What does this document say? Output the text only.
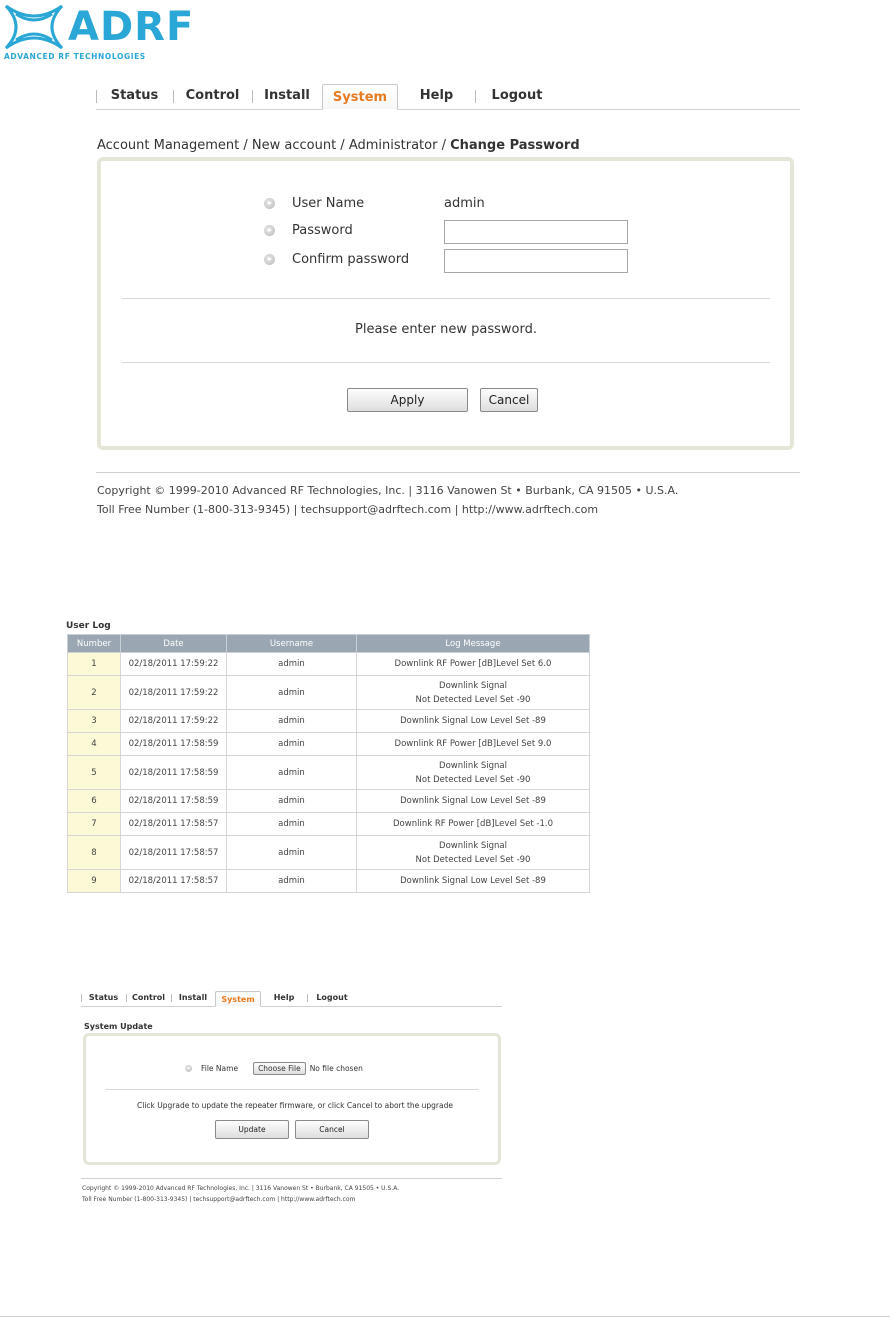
ADRF
ADVANCED RF TECHNOLOGIES
Status	Control	Install	System	Help	Logout
Account Management / New account / Administrator / Change Password
User Name	admin
Password
Confirm password
Please enter new password.
Apply	Cancel
Copyright © 1999-2010 Advanced RF Technologies, Inc. | 3116 Vanowen St • Burbank, CA 91505 • U.S.A.
Toll Free Number (1-800-313-9345) | techsupport@adrftech.com | http://www.adrftech.com
User Log
Number	Date	Username	Log Message
1	02/18/2011 17:59:22	admin	Downlink RF Power [dB]Level Set 6.0
2	02/18/2011 17:59:22	admin	Downlink Signal
Not Detected Level Set -90
3	02/18/2011 17:59:22	admin	Downlink Signal Low Level Set -89
4	02/18/2011 17:58:59	admin	Downlink RF Power [dB]Level Set 9.0
5	02/18/2011 17:58:59	admin	Downlink Signal
Not Detected Level Set -90
6	02/18/2011 17:58:59	admin	Downlink Signal Low Level Set -89
7	02/18/2011 17:58:57	admin	Downlink RF Power [dB]Level Set -1.0
8	02/18/2011 17:58:57	admin	Downlink Signal
Not Detected Level Set -90
9	02/18/2011 17:58:57	admin	Downlink Signal Low Level Set -89
Status	Control	Install	System	Help	Logout
System Update
File Name	Choose File	No file chosen
Click Upgrade to update the repeater firmware, or click Cancel to abort the upgrade
Update	Cancel
Copyright © 1999-2010 Advanced RF Technologies, Inc. | 3116 Vanowen St • Burbank, CA 91505 • U.S.A.
Toll Free Number (1-800-313-9345) | techsupport@adrftech.com | http://www.adrftech.com
